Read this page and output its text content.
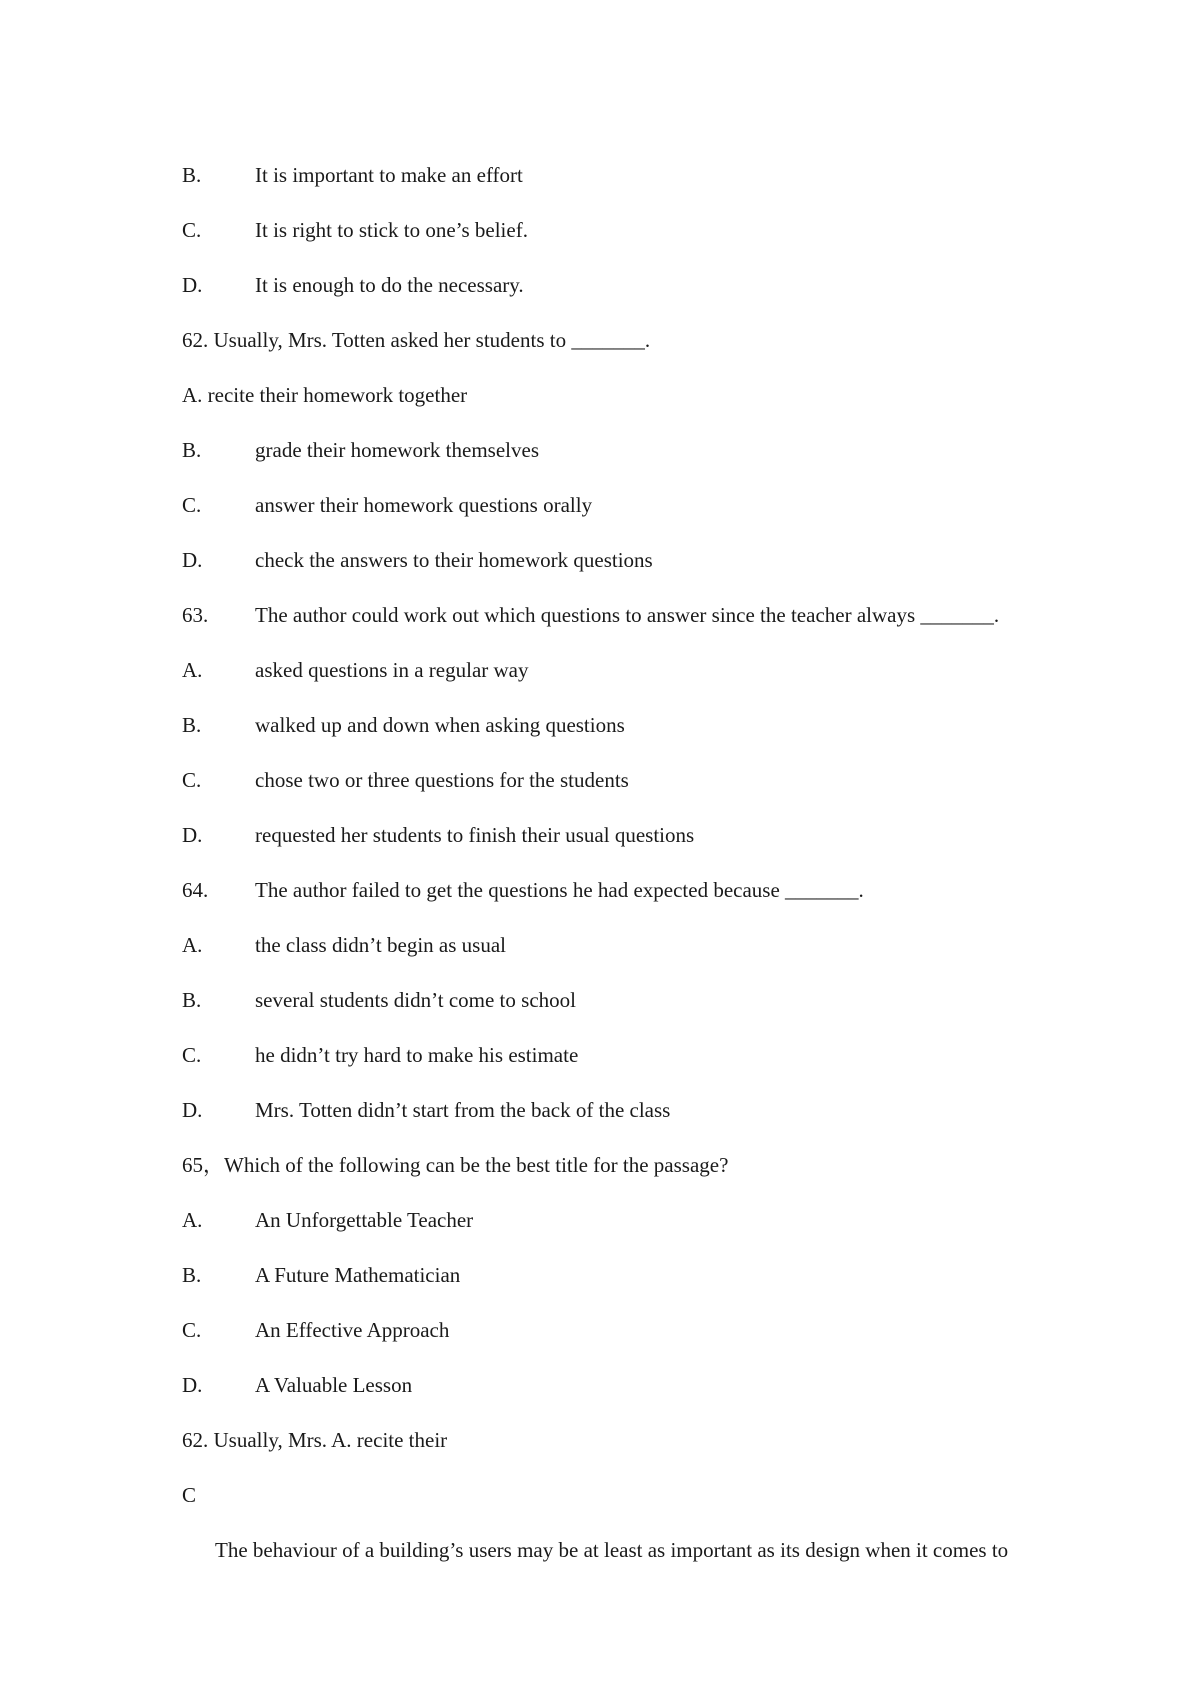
B.	It is important to make an effort
C.	It is right to stick to one’s belief.
D.	It is enough to do the necessary.
62. Usually, Mrs. Totten asked her students to _______.
A. recite their homework together
B.	grade their homework themselves
C.	answer their homework questions orally
D.	check the answers to their homework questions
63. The author could work out which questions to answer since the teacher always _______.
A.	asked questions in a regular way
B.	walked up and down when asking questions
C.	chose two or three questions for the students
D.	requested her students to finish their usual questions
64. The author failed to get the questions he had expected because _______.
A.	the class didn’t begin as usual
B.	several students didn’t come to school
C.	he didn’t try hard to make his estimate
D.	Mrs. Totten didn’t start from the back of the class
65，Which of the following can be the best title for the passage?
A.	An Unforgettable Teacher
B.	A Future Mathematician
C.	An Effective Approach
D.	A Valuable Lesson
62. Usually, Mrs. A. recite their
C
The behaviour of a building’s users may be at least as important as its design when it comes to
